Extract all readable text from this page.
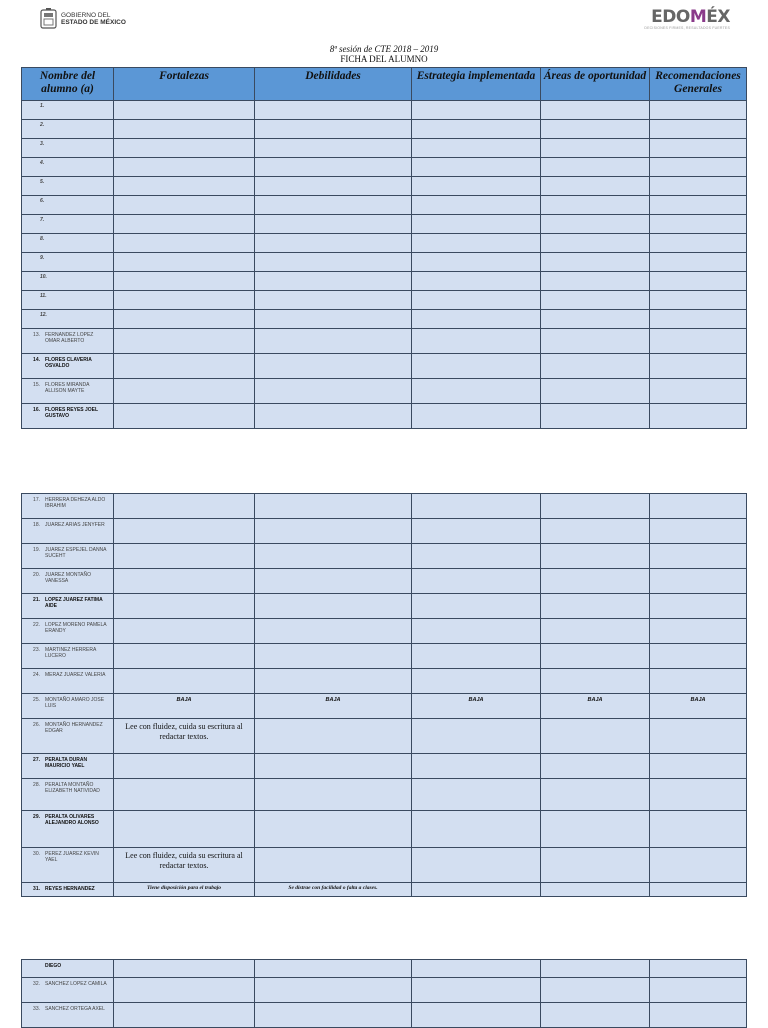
GOBIERNO DEL
ESTADO DE MÉXICO	EDOMÉX
DECISIONES FIRMES, RESULTADOS FUERTES
8ª sesión de CTE 2018 – 2019
FICHA DEL ALUMNO
Nombre del alumno (a)	Fortalezas	Debilidades	Estrategia implementada	Áreas de oportunidad	Recomendaciones Generales

1.					

2.					

3.					

4.					

5.					

6.					

7.					

8.					

9.					

10.					

11.					

12.					

13. FERNANDEZ LOPEZ OMAR ALBERTO					

14. FLORES CLAVERIA OSVALDO					

15. FLORES MIRANDA ALLISON MAYTE					

16. FLORES REYES JOEL GUSTAVO					

17. HERRERA DEHEZA ALDO IBRAHIM					

18. JUAREZ ARIAS JENYFER					

19. JUAREZ ESPEJEL DANNA SUCEHT					

20. JUAREZ MONTAÑO VANESSA					

21. LOPEZ JUAREZ FATIMA AIDE					

22. LOPEZ MORENO PAMELA ERANDY					

23. MARTINEZ HERRERA LUCERO					

24. MERAZ JUAREZ VALERIA					

25. MONTAÑO AMARO JOSE LUIS	BAJA	BAJA	BAJA	BAJA	BAJA

26. MONTAÑO HERNANDEZ EDGAR	Lee con fluidez, cuida su escritura al redactar textos.				

27. PERALTA DURAN MAURICIO YAEL					

28. PERALTA MONTAÑO ELIZABETH NATIVIDAD					

29. PERALTA OLIVARES ALEJANDRO ALONSO					

30. PEREZ JUAREZ KEVIN YAEL	Lee con fluidez, cuida su escritura al redactar textos.				

31. REYES HERNANDEZ	Tiene disposición para el trabajo	Se distrae con facilidad o falta a clases.			

DIEGO					

32. SANCHEZ LOPEZ CAMILA					

33. SANCHEZ ORTEGA AXEL					
